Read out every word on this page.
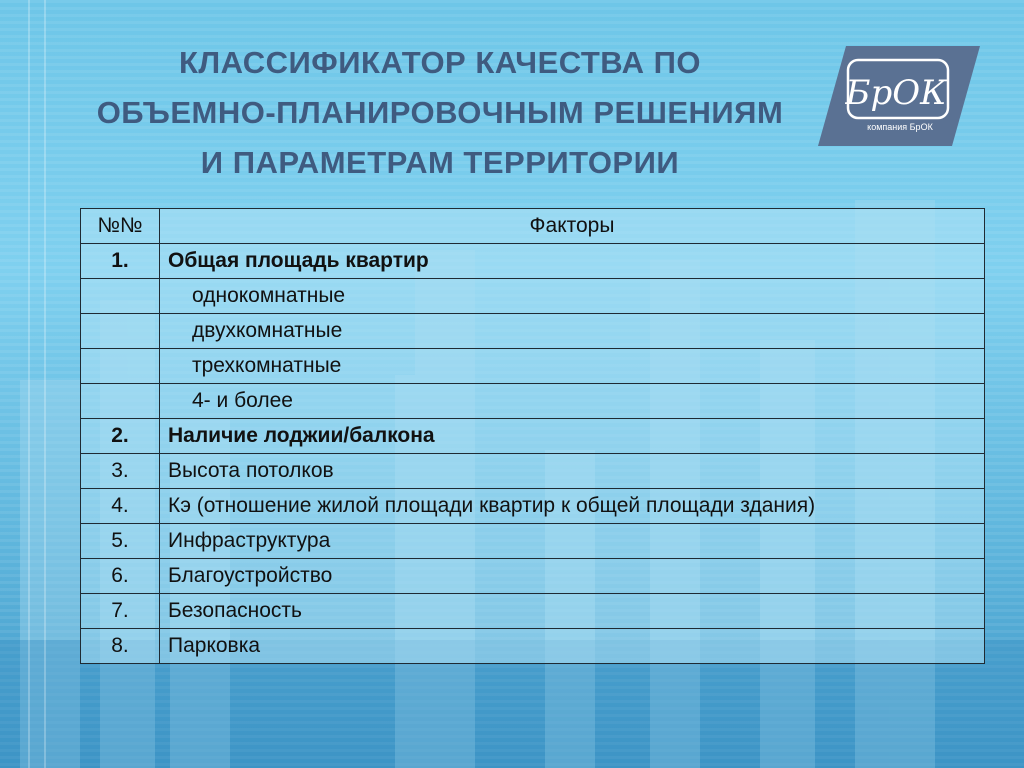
КЛАССИФИКАТОР КАЧЕСТВА ПО
ОБЪЕМНО-ПЛАНИРОВОЧНЫМ РЕШЕНИЯМ
И ПАРАМЕТРАМ ТЕРРИТОРИИ
БрОК
компания БрОК
№№	Факторы
1.	Общая площадь квартир
	однокомнатные
	двухкомнатные
	трехкомнатные
	4- и более
2.	Наличие лоджии/балкона
3.	Высота потолков
4.	Кэ (отношение жилой площади квартир к общей площади здания)
5.	Инфраструктура
6.	Благоустройство
7.	Безопасность
8.	Парковка
